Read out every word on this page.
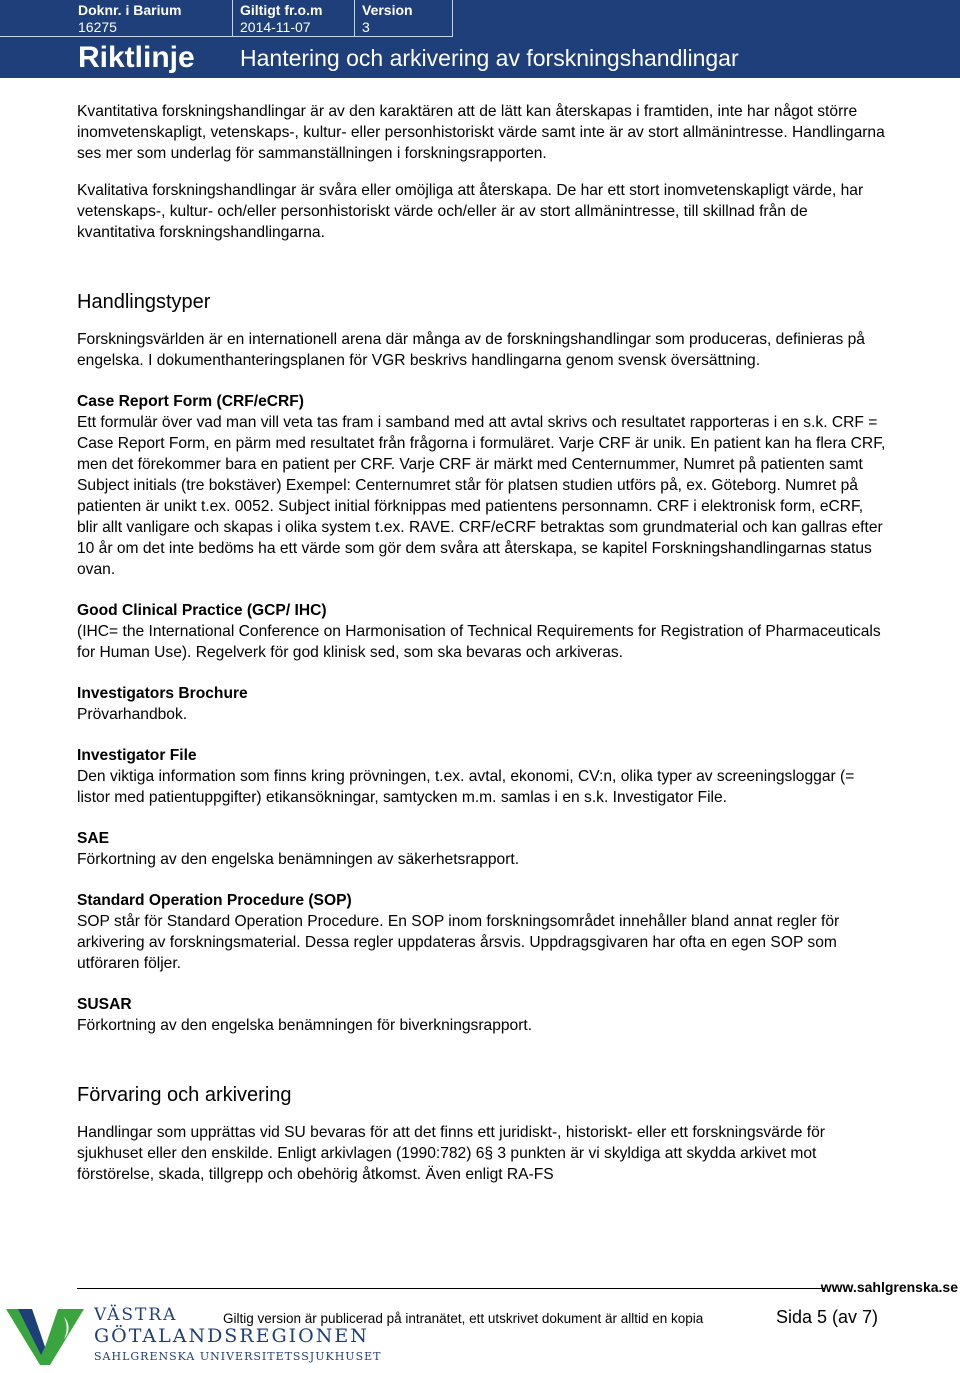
Doknr. i Barium
16275
Giltigt fr.o.m
2014-11-07
Version
3
Riktlinje Hantering och arkivering av forskningshandlingar

Kvantitativa forskningshandlingar är av den karaktären att de lätt kan återskapas i framtiden, inte har något större inomvetenskapligt, vetenskaps-, kultur- eller personhistoriskt värde samt inte är av stort allmänintresse. Handlingarna ses mer som underlag för sammanställningen i forskningsrapporten.

Kvalitativa forskningshandlingar är svåra eller omöjliga att återskapa. De har ett stort inomvetenskapligt värde, har vetenskaps-, kultur- och/eller personhistoriskt värde och/eller är av stort allmänintresse, till skillnad från de kvantitativa forskningshandlingarna.

Handlingstyper

Forskningsvärlden är en internationell arena där många av de forskningshandlingar som produceras, definieras på engelska. I dokumenthanteringsplanen för VGR beskrivs handlingarna genom svensk översättning.

Case Report Form (CRF/eCRF)

Ett formulär över vad man vill veta tas fram i samband med att avtal skrivs och resultatet rapporteras i en s.k. CRF = Case Report Form, en pärm med resultatet från frågorna i formuläret. Varje CRF är unik. En patient kan ha flera CRF, men det förekommer bara en patient per CRF. Varje CRF är märkt med Centernummer, Numret på patienten samt Subject initials (tre bokstäver) Exempel: Centernumret står för platsen studien utförs på, ex. Göteborg. Numret på patienten är unikt t.ex. 0052. Subject initial förknippas med patientens personnamn. CRF i elektronisk form, eCRF, blir allt vanligare och skapas i olika system t.ex. RAVE. CRF/eCRF betraktas som grundmaterial och kan gallras efter 10 år om det inte bedöms ha ett värde som gör dem svåra att återskapa, se kapitel Forskningshandlingarnas status ovan.

Good Clinical Practice (GCP/ IHC)

(IHC= the International Conference on Harmonisation of Technical Requirements for Registration of Pharmaceuticals for Human Use). Regelverk för god klinisk sed, som ska bevaras och arkiveras.

Investigators Brochure

Prövarhandbok.

Investigator File

Den viktiga information som finns kring prövningen, t.ex. avtal, ekonomi, CV:n, olika typer av screeningsloggar (= listor med patientuppgifter) etikansökningar, samtycken m.m. samlas i en s.k. Investigator File.

SAE

Förkortning av den engelska benämningen av säkerhetsrapport.

Standard Operation Procedure (SOP)

SOP står för Standard Operation Procedure. En SOP inom forskningsområdet innehåller bland annat regler för arkivering av forskningsmaterial. Dessa regler uppdateras årsvis. Uppdragsgivaren har ofta en egen SOP som utföraren följer.

SUSAR

Förkortning av den engelska benämningen för biverkningsrapport.

Förvaring och arkivering

Handlingar som upprättas vid SU bevaras för att det finns ett juridiskt-, historiskt- eller ett forskningsvärde för sjukhuset eller den enskilde. Enligt arkivlagen (1990:782) 6§ 3 punkten är vi skyldiga att skydda arkivet mot förstörelse, skada, tillgrepp och obehörig åtkomst. Även enligt RA-FS

www.sahlgrenska.se
VÄSTRA
GÖTALANDSREGIONEN
SAHLGRENSKA UNIVERSITETSSJUKHUSET
Giltig version är publicerad på intranätet, ett utskrivet dokument är alltid en kopia	Sida 5 (av 7)
